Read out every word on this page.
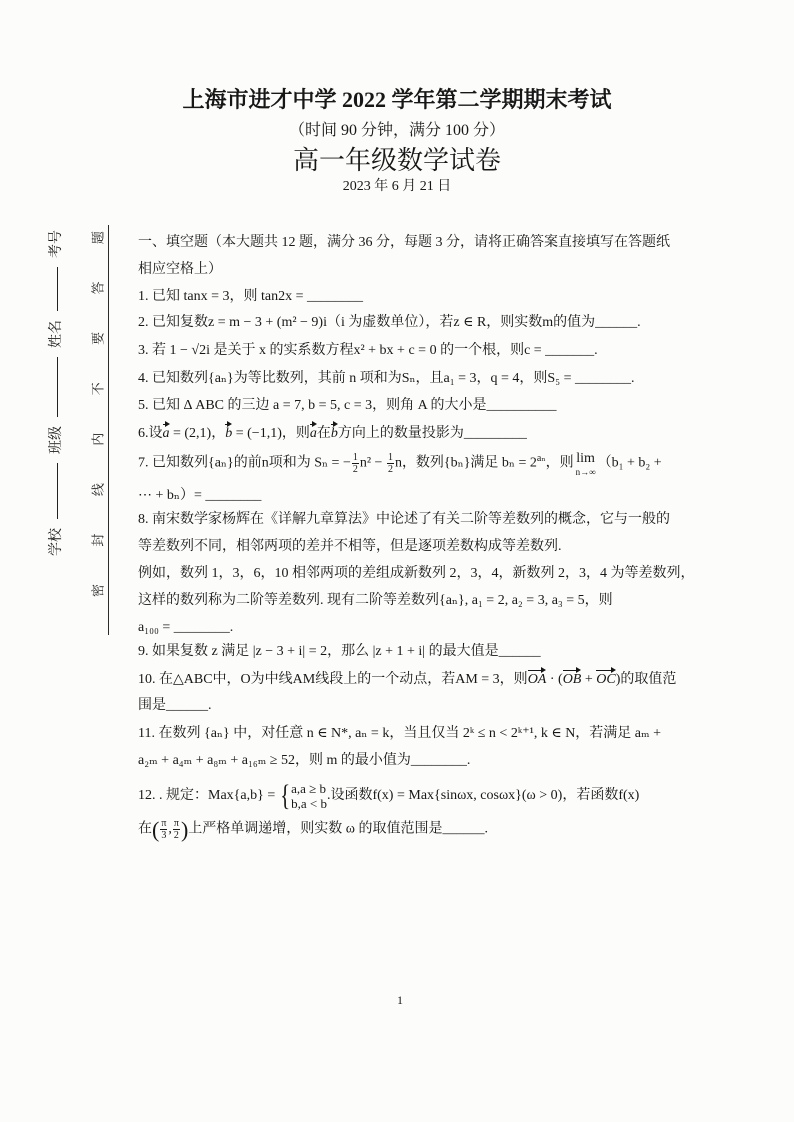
上海市进才中学 2022 学年第二学期期末考试
（时间 90 分钟，满分 100 分）
高一年级数学试卷
2023 年 6 月 21 日
学校
班级
姓名
考号
密
封
线
内
不
要
答
题 一、填空题（本大题共 12 题，满分 36 分，每题 3 分，请将正确答案直接填写在答题纸
相应空格上）
1. 已知 tanx = 3，则 tan2x = ________
2. 已知复数z = m − 3 + (m² − 9)i（i 为虚数单位），若z ∈ R，则实数m的值为______.
3. 若 1 − √2i 是关于 x 的实系数方程x² + bx + c = 0 的一个根，则c = _______.
4. 已知数列{aₙ}为等比数列，其前 n 项和为Sₙ，且a₁ = 3，q = 4，则S₅ = ________.
5. 已知 Δ ABC 的三边 a = 7, b = 5, c = 3，则角 A 的大小是__________
6.设a = (2,1)，b = (−1,1)，则a在b方向上的数量投影为_________
7. 已知数列{aₙ}的前n项和为 Sₙ = − $\frac{1}{2} n^2 - \frac{1}{2}$ n，数列{bₙ}满足 $b_n = 2^{a_n}$，则 lim
n→∞
（b₁ + b₂ +
⋯ + bₙ）= ________
8. 南宋数学家杨辉在《详解九章算法》中论述了有关二阶等差数列的概念，它与一般的
等差数列不同，相邻两项的差并不相等，但是逐项差数构成等差数列.
例如，数列 1，3，6，10 相邻两项的差组成新数列 2，3，4，新数列 2，3，4 为等差数列，
这样的数列称为二阶等差数列. 现有二阶等差数列{aₙ}, a₁ = 2, a₂ = 3, a₃ = 5，则
a₁₀₀ = ________.
9. 如果复数 z 满足 |z − 3 + i| = 2，那么 |z + 1 + i| 的最大值是______
10. 在△ABC中，O为中线AM线段上的一个动点，若AM = 3，则OA · (OB + OC)的取值范
围是______.
11. 在数列 {aₙ} 中，对任意 n ∈ N*, aₙ = k，当且仅当 2ᵏ ≤ n < 2ᵏ⁺¹, k ∈ N，若满足 aₘ +
a₂ₘ + a₄ₘ + a₈ₘ + a₁₆ₘ ≥ 52，则 m 的最小值为________.
12. . 规定：Max{a,b} = { a,a ≥ b
b,a < b
.设函数f(x) = Max{sinωx, cosωx}(ω > 0)，若函数f(x)
在( $\frac{\pi}{3}$ , $\frac{\pi}{2}$ )上严格单调递增，则实数 ω 的取值范围是______.
1
